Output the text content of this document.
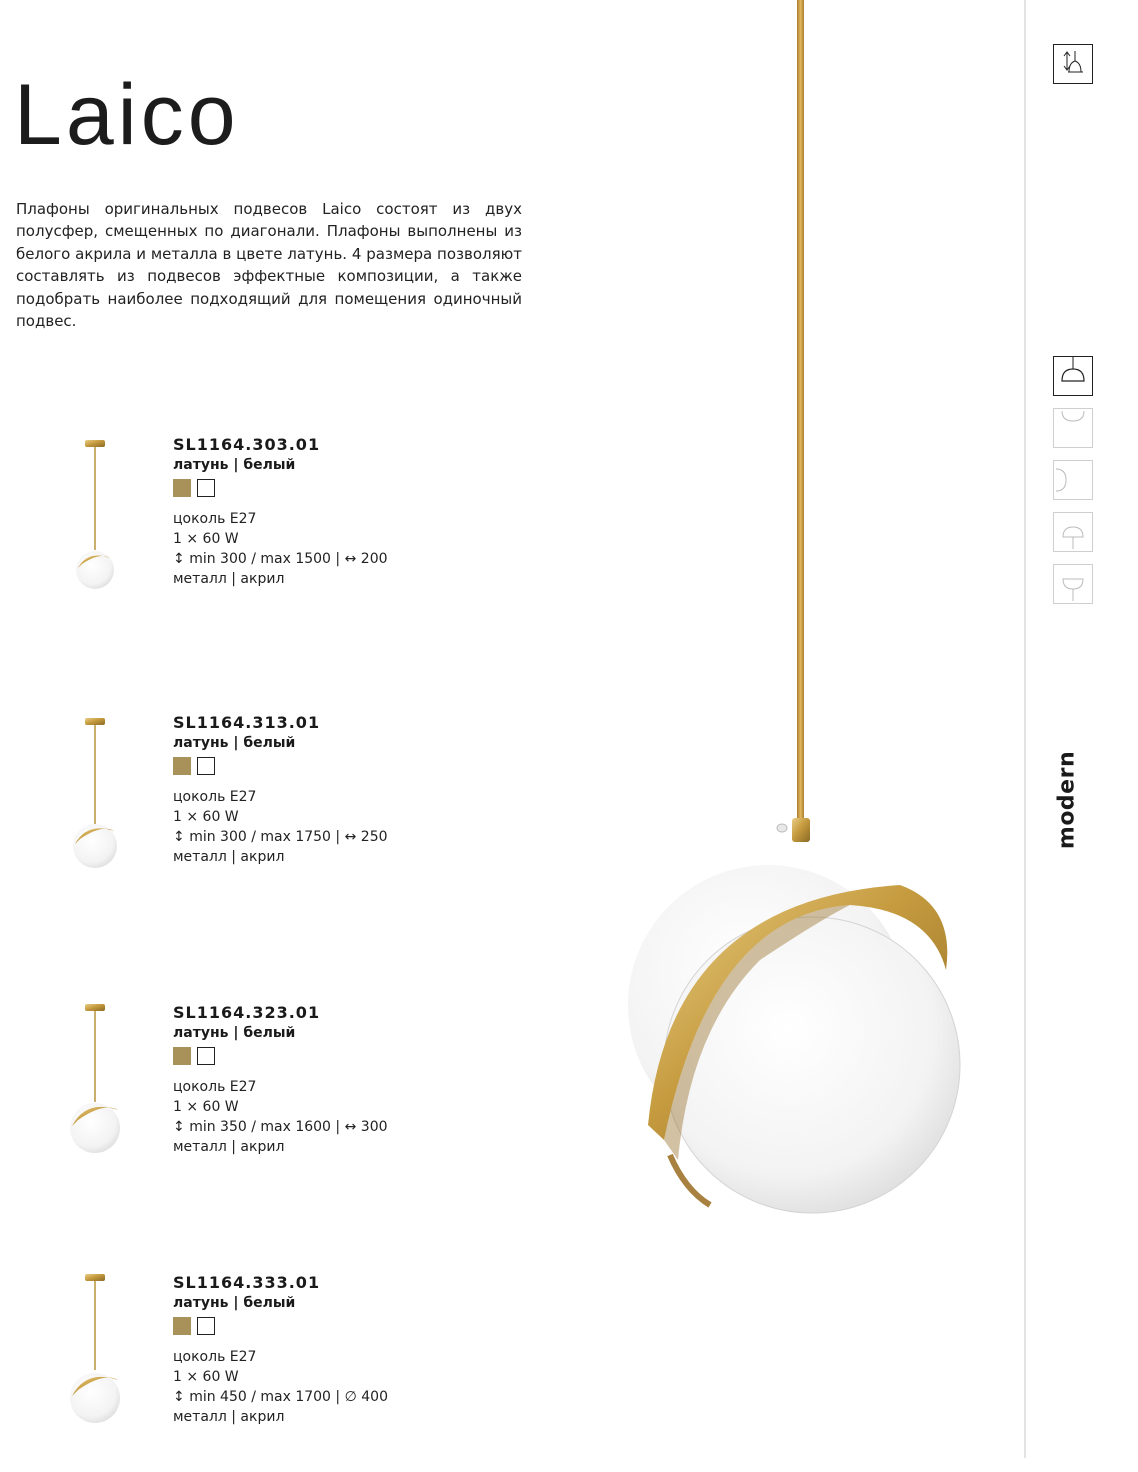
Laico

Плафоны оригинальных подвесов Laico состоят из двух полусфер, смещенных по диагонали. Плафоны выполнены из белого акрила и металла в цвете латунь. 4 размера позволяют составлять из подвесов эффектные композиции, а также подобрать наиболее подходящий для помещения одиночный подвес.

SL1164.303.01
латунь | белый
цоколь E27
1 × 60 W
↕ min 300 / max 1500 | ↔ 200
металл | акрил
SL1164.313.01
латунь | белый
цоколь E27
1 × 60 W
↕ min 300 / max 1750 | ↔ 250
металл | акрил
SL1164.323.01
латунь | белый
цоколь E27
1 × 60 W
↕ min 350 / max 1600 | ↔ 300
металл | акрил
SL1164.333.01
латунь | белый
цоколь E27
1 × 60 W
↕ min 450 / max 1700 | ∅ 400
металл | акрил
modern
